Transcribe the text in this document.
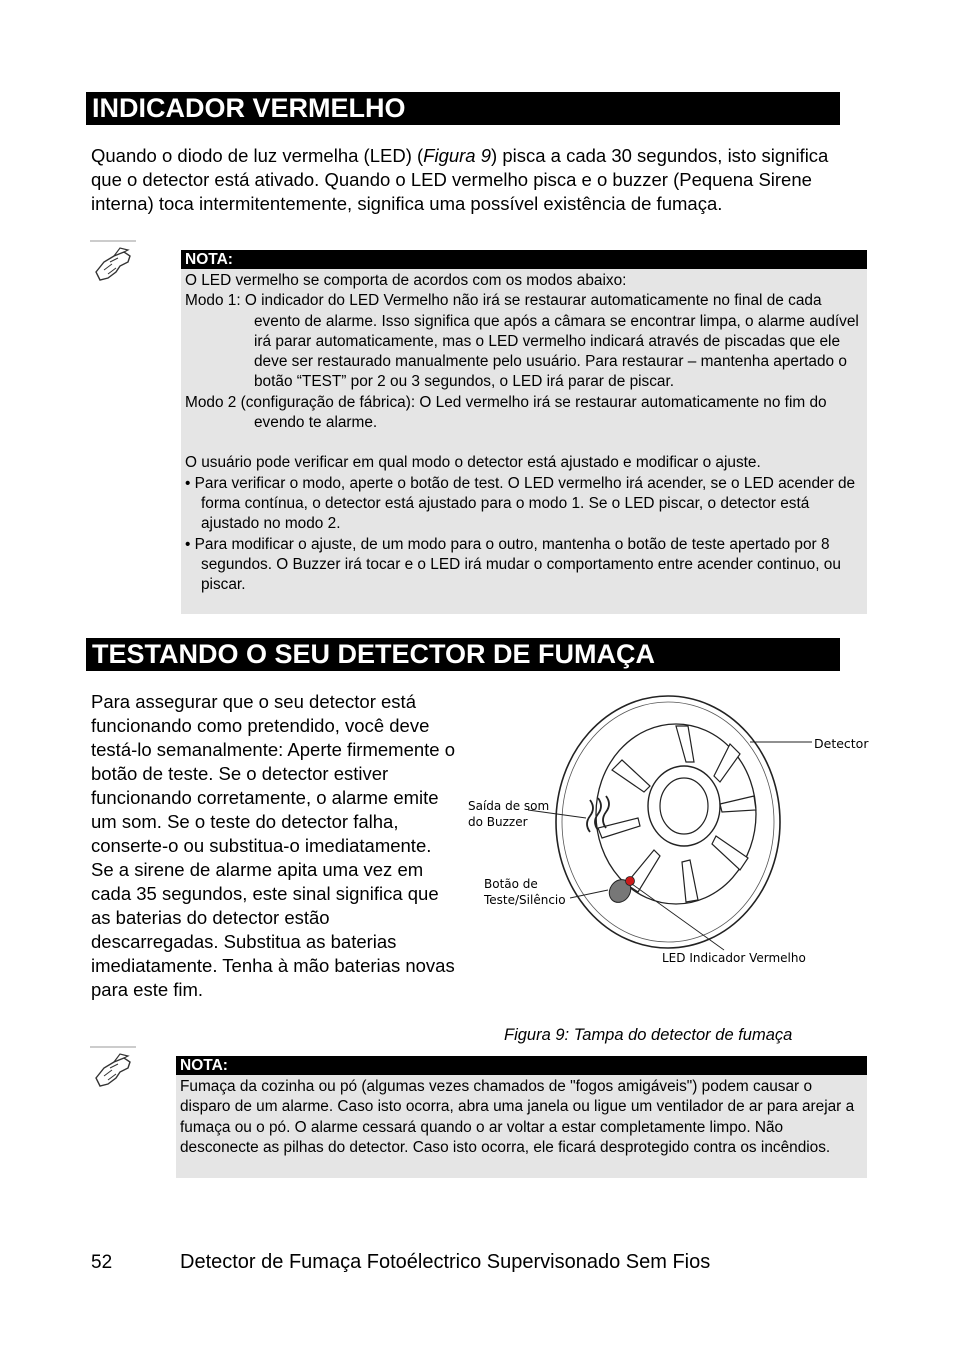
INDICADOR VERMELHO
Quando o diodo de luz vermelha (LED) (Figura 9) pisca a cada 30 segundos, isto significa que o detector está ativado. Quando o LED vermelho pisca e o buzzer (Pequena Sirene interna) toca intermitentemente, significa uma possível existência de fumaça.
NOTA:
O LED vermelho se comporta de acordos com os modos abaixo:
Modo 1: O indicador do LED Vermelho não irá se restaurar automaticamente no final de cada evento de alarme. Isso significa que após a câmara se encontrar limpa, o alarme audível irá parar automaticamente, mas o LED vermelho indicará através de piscadas que ele deve ser restaurado manualmente pelo usuário. Para restaurar – mantenha apertado o botão “TEST” por 2 ou 3 segundos, o LED irá parar de piscar.
Modo 2 (configuração de fábrica): O Led vermelho irá se restaurar automaticamente no fim do evendo te alarme.
O usuário pode verificar em qual modo o detector está ajustado e modificar o ajuste.
• Para verificar o modo, aperte o botão de test. O LED vermelho irá acender, se o LED acender de forma contínua, o detector está ajustado para o modo 1. Se o LED piscar, o detector está ajustado no modo 2.
• Para modificar o ajuste, de um modo para o outro, mantenha o botão de teste apertado por 8 segundos. O Buzzer irá tocar e o LED irá mudar o comportamento entre acender continuo, ou piscar.
TESTANDO O SEU DETECTOR DE FUMAÇA
Para assegurar que o seu detector está funcionando como pretendido, você deve testá-lo semanalmente: Aperte firmemente o botão de teste. Se o detector estiver funcionando corretamente, o alarme emite um som. Se o teste do detector falha, conserte-o ou substitua-o imediatamente.
Se a sirene de alarme apita uma vez em cada 35 segundos, este sinal significa que as baterias do detector estão descarregadas. Substitua as baterias imediatamente. Tenha à mão baterias novas para este fim.
Detector
Saída de som
do Buzzer
Botão de
Teste/Silêncio
LED Indicador Vermelho
Figura 9: Tampa do detector de fumaça
NOTA:
Fumaça da cozinha ou pó (algumas vezes chamados de "fogos amigáveis") podem causar o disparo de um alarme. Caso isto ocorra, abra uma janela ou ligue um ventilador de ar para arejar a fumaça ou o pó. O alarme cessará quando o ar voltar a estar completamente limpo. Não desconecte as pilhas do detector. Caso isto ocorra, ele ficará desprotegido contra os incêndios.
52	Detector de Fumaça Fotoélectrico Supervisonado Sem Fios
